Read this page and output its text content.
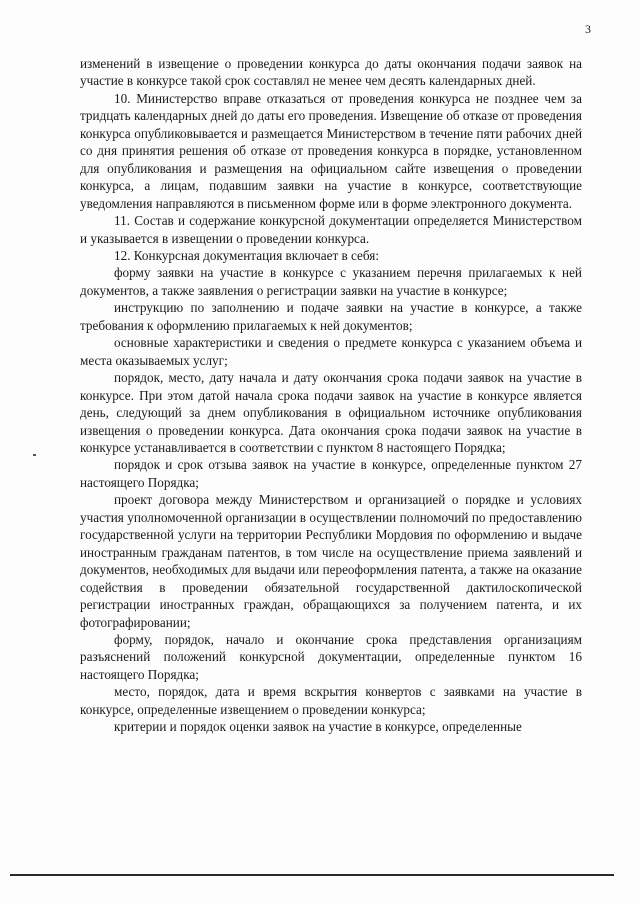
3

изменений в извещение о проведении конкурса до даты окончания подачи заявок на участие в конкурсе такой срок составлял не менее чем десять календарных дней.

10. Министерство вправе отказаться от проведения конкурса не позднее чем за тридцать календарных дней до даты его проведения. Извещение об отказе от проведения конкурса опубликовывается и размещается Министерством в течение пяти рабочих дней со дня принятия решения об отказе от проведения конкурса в порядке, установленном для опубликования и размещения на официальном сайте извещения о проведении конкурса, а лицам, подавшим заявки на участие в конкурсе, соответствующие уведомления направляются в письменном форме или в форме электронного документа.

11. Состав и содержание конкурсной документации определяется Министерством и указывается в извещении о проведении конкурса.

12. Конкурсная документация включает в себя:

форму заявки на участие в конкурсе с указанием перечня прилагаемых к ней документов, а также заявления о регистрации заявки на участие в конкурсе;

инструкцию по заполнению и подаче заявки на участие в конкурсе, а также требования к оформлению прилагаемых к ней документов;

основные характеристики и сведения о предмете конкурса с указанием объема и места оказываемых услуг;

порядок, место, дату начала и дату окончания срока подачи заявок на участие в конкурсе. При этом датой начала срока подачи заявок на участие в конкурсе является день, следующий за днем опубликования в официальном источнике опубликования извещения о проведении конкурса. Дата окончания срока подачи заявок на участие в конкурсе устанавливается в соответствии с пунктом 8 настоящего Порядка;

порядок и срок отзыва заявок на участие в конкурсе, определенные пунктом 27 настоящего Порядка;

проект договора между Министерством и организацией о порядке и условиях участия уполномоченной организации в осуществлении полномочий по предоставлению государственной услуги на территории Республики Мордовия по оформлению и выдаче иностранным гражданам патентов, в том числе на осуществление приема заявлений и документов, необходимых для выдачи или переоформления патента, а также на оказание содействия в проведении обязательной государственной дактилоскопической регистрации иностранных граждан, обращающихся за получением патента, и их фотографировании;

форму, порядок, начало и окончание срока представления организациям разъяснений положений конкурсной документации, определенные пунктом 16 настоящего Порядка;

место, порядок, дата и время вскрытия конвертов с заявками на участие в конкурсе, определенные извещением о проведении конкурса;

критерии и порядок оценки заявок на участие в конкурсе, определенные
